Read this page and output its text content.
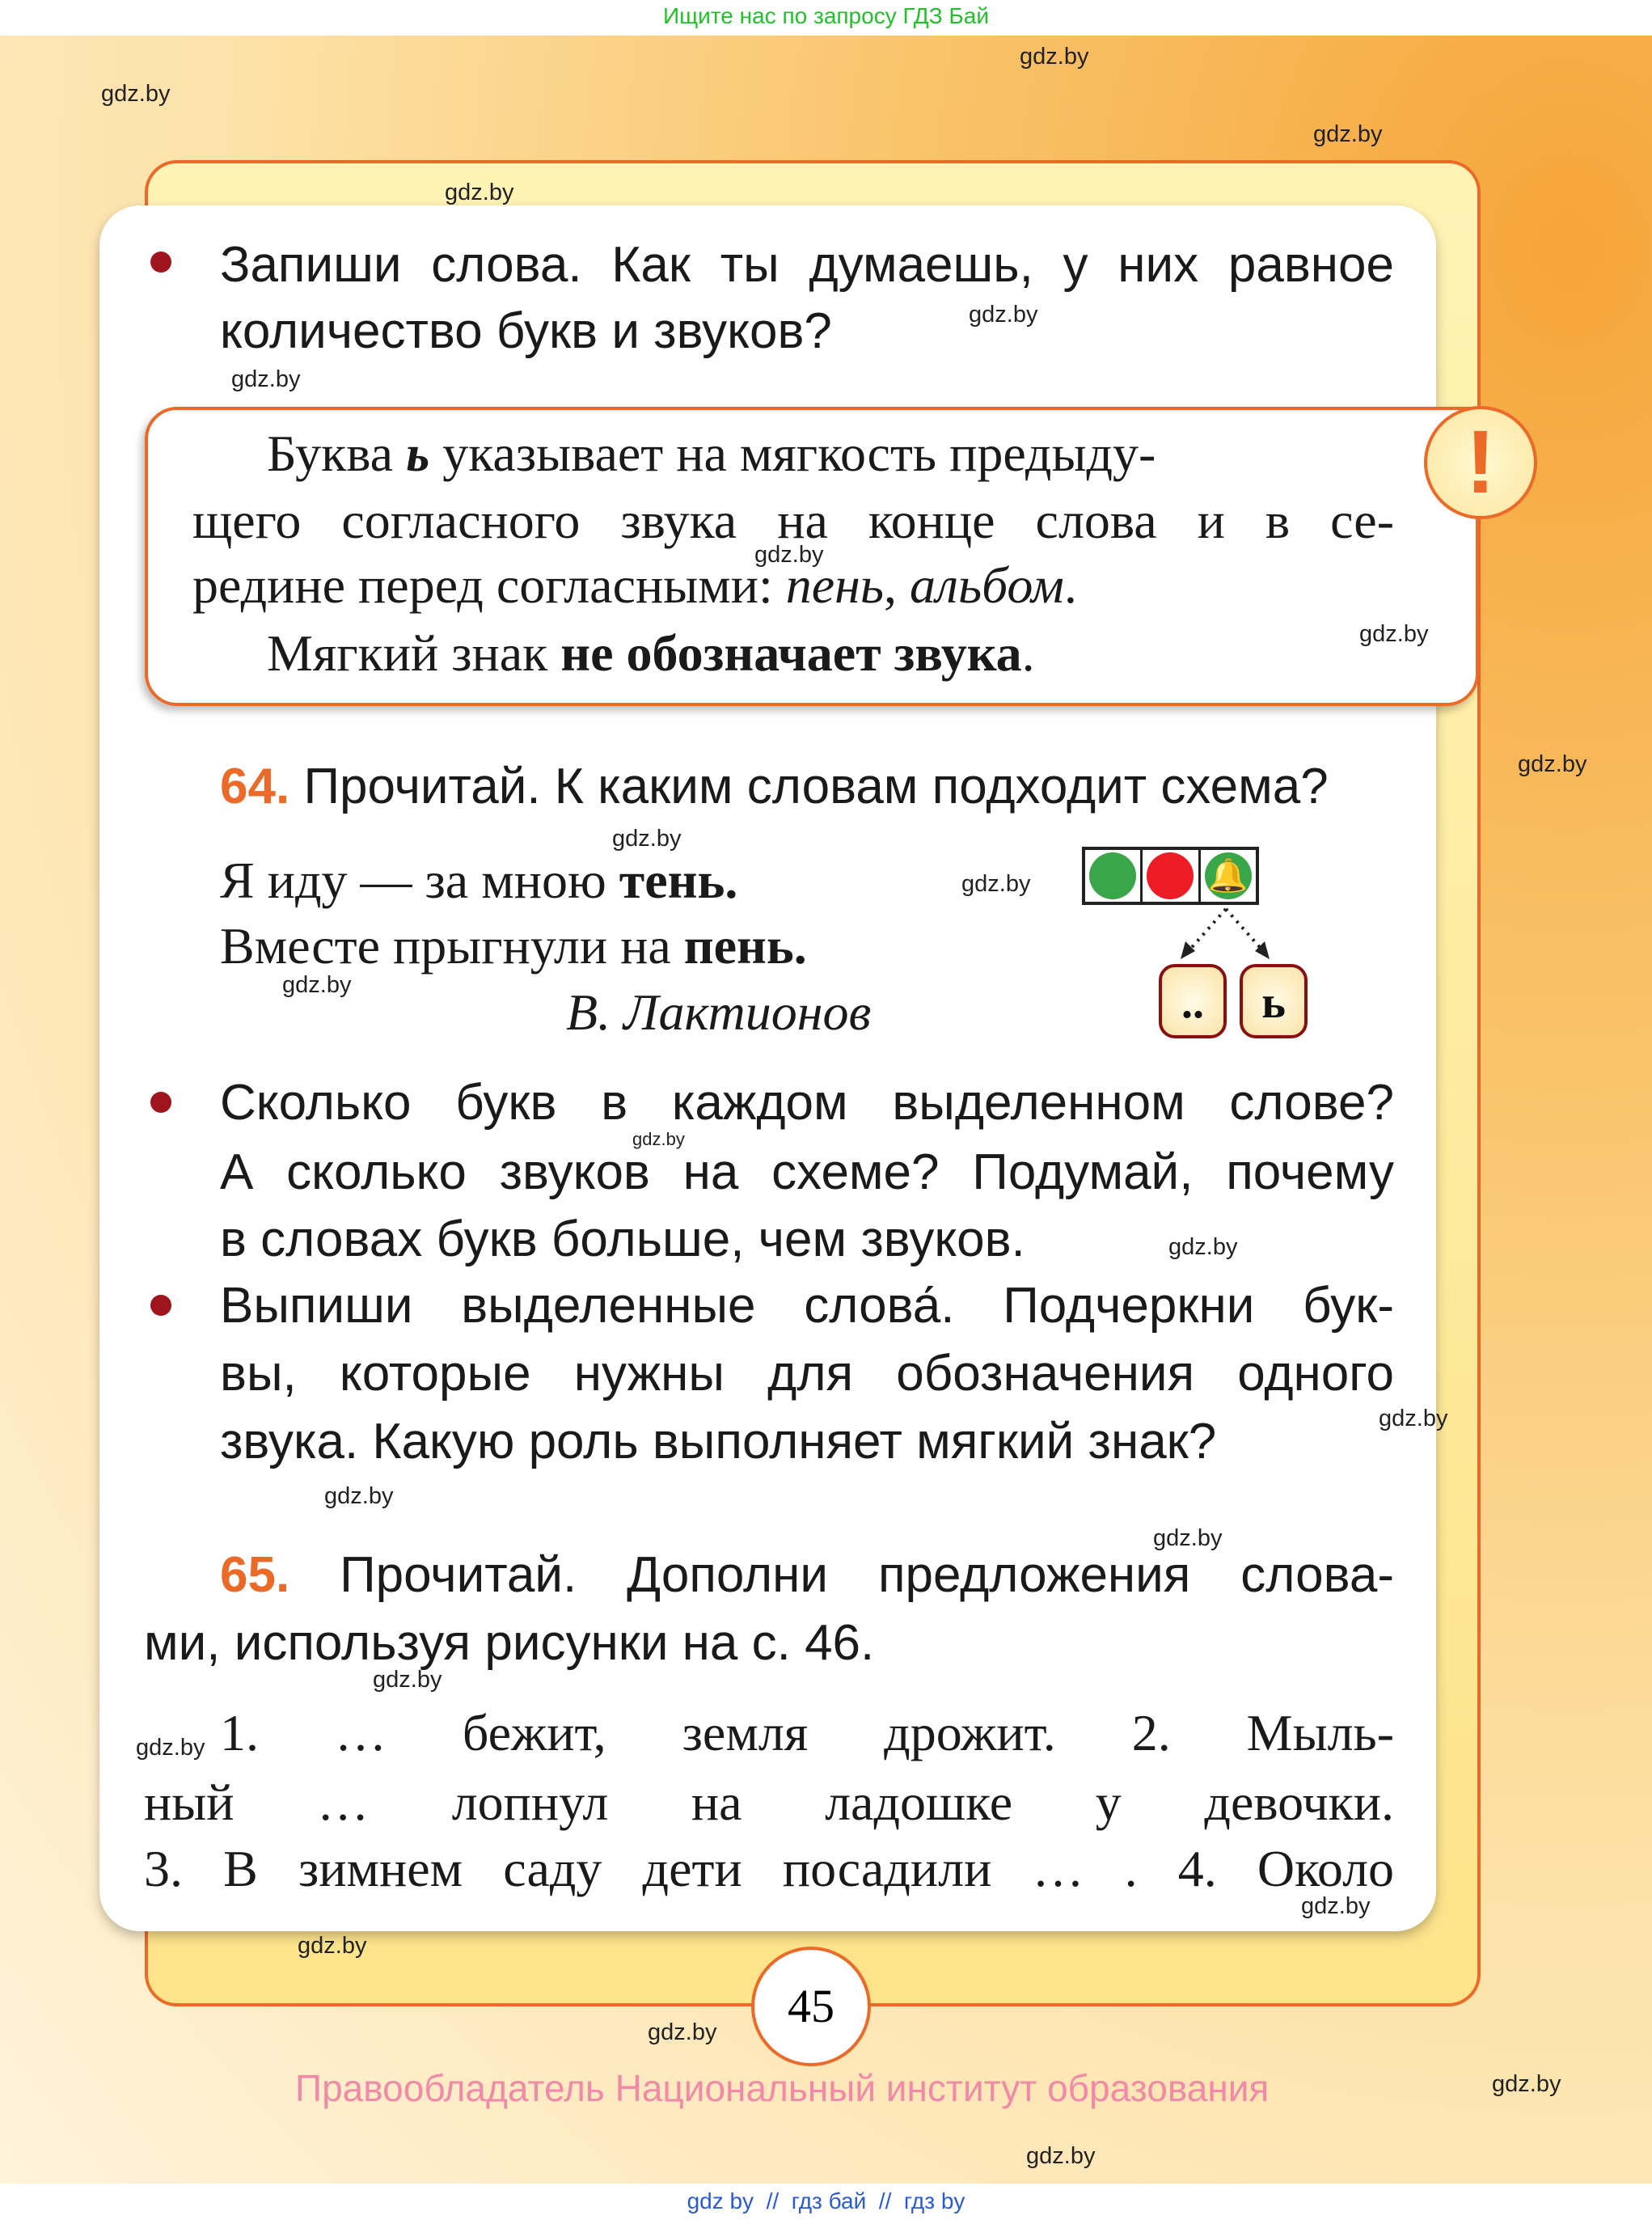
Ищите нас по запросу ГДЗ Бай
Запиши слова. Как ты думаешь, у них равное
количество букв и звуков?
!
Буква ь указывает на мягкость предыду-
щего согласного звука на конце слова и в се-
редине перед согласными: пень, альбом.
Мягкий знак не обозначает звука.
64. Прочитай. К каким словам подходит схема?
Я иду — за мною тень.
Вместе прыгнули на пень.
В. Лактионов
🔔
..	ь
Сколько букв в каждом выделенном слове?
А сколько звуков на схеме? Подумай, почему
в словах букв больше, чем звуков.
Выпиши выделенные слова́. Подчеркни бук-
вы, которые нужны для обозначения одного
звука. Какую роль выполняет мягкий знак?
65. Прочитай. Дополни предложения слова-
ми, используя рисунки на с. 46.
1. … бежит, земля дрожит. 2. Мыль-
ный … лопнул на ладошке у девочки.
3. В зимнем саду дети посадили … . 4. Около
45
Правообладатель Национальный институт образования
gdz by  //  гдз бай  //  гдз by
gdz.by
gdz.by
gdz.by
gdz.by
gdz.by
gdz.by
gdz.by
gdz.by
gdz.by
gdz.by
gdz.by
gdz.by
gdz.by
gdz.by
gdz.by
gdz.by
gdz.by
gdz.by
gdz.by
gdz.by
gdz.by
gdz.by
gdz.by
gdz.by
